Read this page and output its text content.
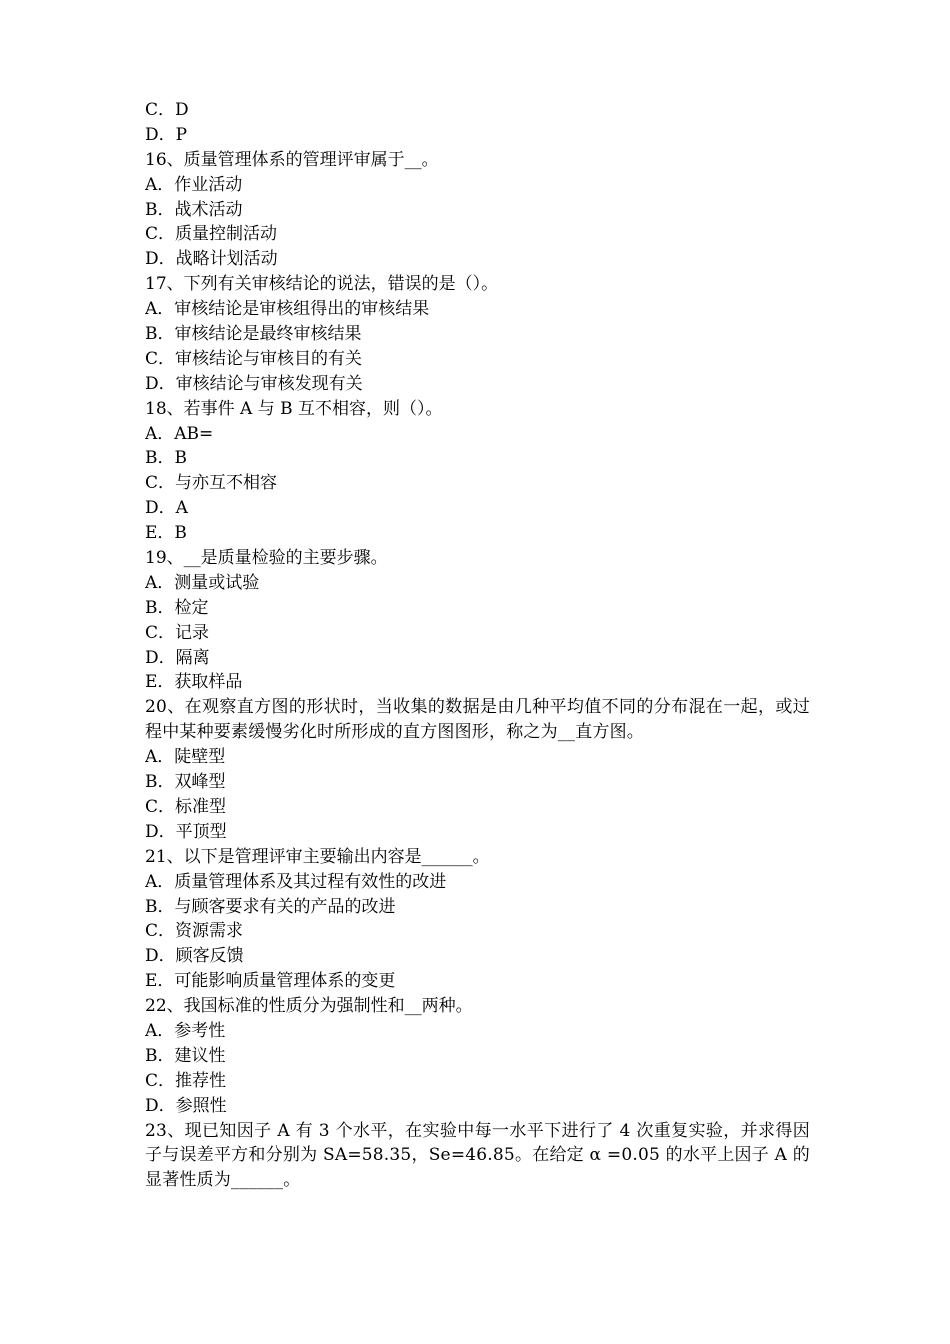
C．D
D．P
16、质量管理体系的管理评审属于__。
A．作业活动
B．战术活动
C．质量控制活动
D．战略计划活动
17、下列有关审核结论的说法，错误的是（）。
A．审核结论是审核组得出的审核结果
B．审核结论是最终审核结果
C．审核结论与审核目的有关
D．审核结论与审核发现有关
18、若事件 A 与 B 互不相容，则（）。
A．AB=
B．B
C．与亦互不相容
D．A
E．B
19、__是质量检验的主要步骤。
A．测量或试验
B．检定
C．记录
D．隔离
E．获取样品
20、在观察直方图的形状时，当收集的数据是由几种平均值不同的分布混在一起，或过程中某种要素缓慢劣化时所形成的直方图图形，称之为__直方图。
A．陡壁型
B．双峰型
C．标准型
D．平顶型
21、以下是管理评审主要输出内容是______。
A．质量管理体系及其过程有效性的改进
B．与顾客要求有关的产品的改进
C．资源需求
D．顾客反馈
E．可能影响质量管理体系的变更
22、我国标准的性质分为强制性和__两种。
A．参考性
B．建议性
C．推荐性
D．参照性
23、现已知因子 A 有 3 个水平，在实验中每一水平下进行了 4 次重复实验，并求得因子与误差平方和分别为 SA=58.35，Se=46.85。在给定 α =0.05 的水平上因子 A 的显著性质为______。
